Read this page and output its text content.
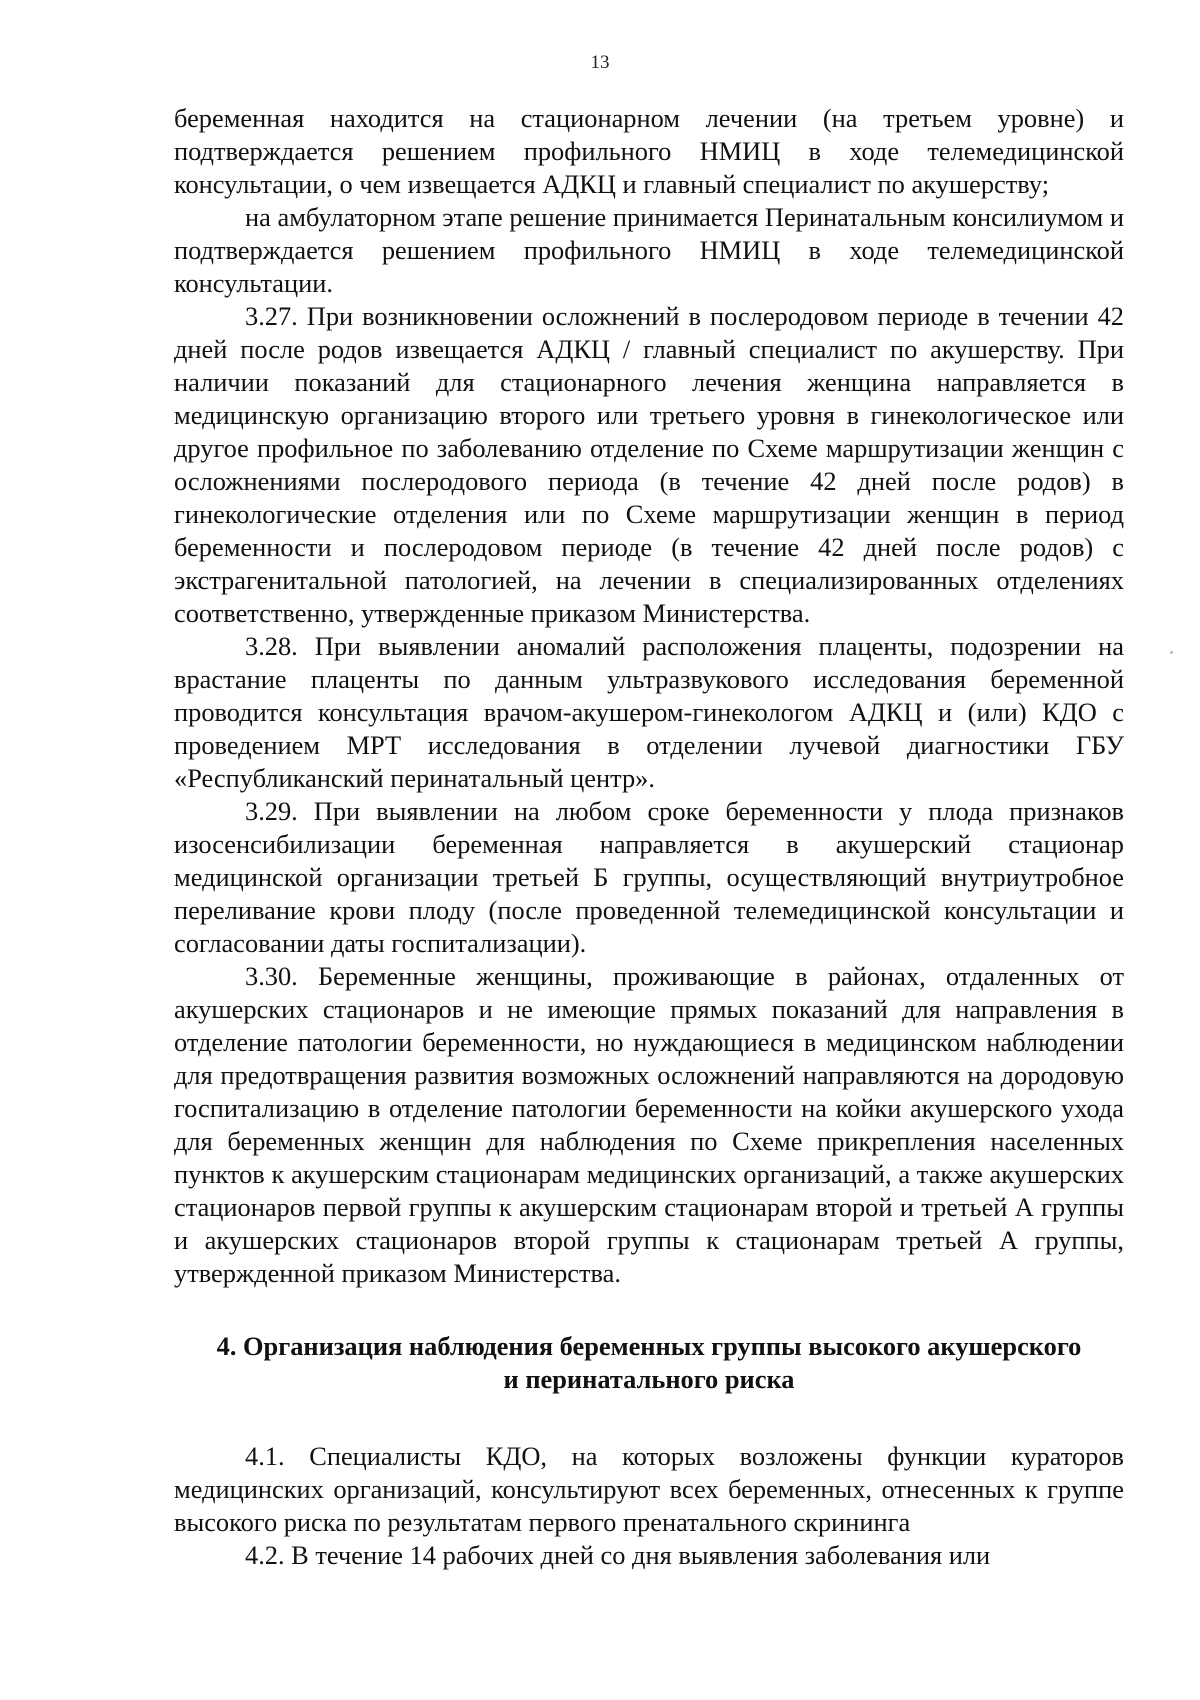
13

беременная находится на стационарном лечении (на третьем уровне) и подтверждается решением профильного НМИЦ в ходе телемедицинской консультации, о чем извещается АДКЦ и главный специалист по акушерству;

на амбулаторном этапе решение принимается Перинатальным консилиумом и подтверждается решением профильного НМИЦ в ходе телемедицинской консультации.

3.27. При возникновении осложнений в послеродовом периоде в течении 42 дней после родов извещается АДКЦ / главный специалист по акушерству. При наличии показаний для стационарного лечения женщина направляется в медицинскую организацию второго или третьего уровня в гинекологическое или другое профильное по заболеванию отделение по Схеме маршрутизации женщин с осложнениями послеродового периода (в течение 42 дней после родов) в гинекологические отделения или по Схеме маршрутизации женщин в период беременности и послеродовом периоде (в течение 42 дней после родов) с экстрагенитальной патологией, на лечении в специализированных отделениях соответственно, утвержденные приказом Министерства.

3.28. При выявлении аномалий расположения плаценты, подозрении на врастание плаценты по данным ультразвукового исследования беременной проводится консультация врачом-акушером-гинекологом АДКЦ и (или) КДО с проведением МРТ исследования в отделении лучевой диагностики ГБУ «Республиканский перинатальный центр».

3.29. При выявлении на любом сроке беременности у плода признаков изосенсибилизации беременная направляется в акушерский стационар медицинской организации третьей Б группы, осуществляющий внутриутробное переливание крови плоду (после проведенной телемедицинской консультации и согласовании даты госпитализации).

3.30. Беременные женщины, проживающие в районах, отдаленных от акушерских стационаров и не имеющие прямых показаний для направления в отделение патологии беременности, но нуждающиеся в медицинском наблюдении для предотвращения развития возможных осложнений направляются на дородовую госпитализацию в отделение патологии беременности на койки акушерского ухода для беременных женщин для наблюдения по Схеме прикрепления населенных пунктов к акушерским стационарам медицинских организаций, а также акушерских стационаров первой группы к акушерским стационарам второй и третьей А группы и акушерских стационаров второй группы к стационарам третьей А группы, утвержденной приказом Министерства.

4. Организация наблюдения беременных группы высокого акушерского
и перинатального риска

4.1. Специалисты КДО, на которых возложены функции кураторов медицинских организаций, консультируют всех беременных, отнесенных к группе высокого риска по результатам первого пренатального скрининга

4.2. В течение 14 рабочих дней со дня выявления заболевания или
